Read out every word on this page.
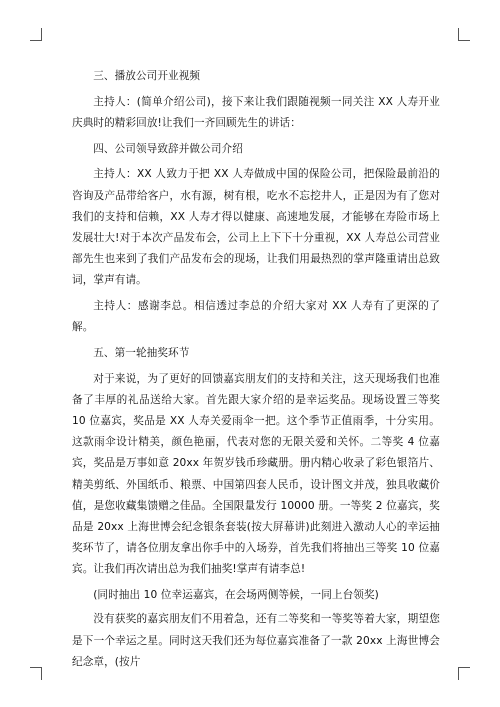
三、播放公司开业视频

主持人：(简单介绍公司)，接下来让我们跟随视频一同关注 XX 人寿开业庆典时的精彩回放!让我们一齐回顾先生的讲话：

四、公司领导致辞并做公司介绍

主持人：XX 人致力于把 XX 人寿做成中国的保险公司，把保险最前沿的咨询及产品带给客户，水有源，树有根，吃水不忘挖井人，正是因为有了您对我们的支持和信赖，XX 人寿才得以健康、高速地发展，才能够在寿险市场上发展壮大!对于本次产品发布会，公司上上下下十分重视，XX 人寿总公司营业部先生也来到了我们产品发布会的现场，让我们用最热烈的掌声隆重请出总致词，掌声有请。

主持人：感谢李总。相信透过李总的介绍大家对 XX 人寿有了更深的了解。

五、第一轮抽奖环节

对于来说，为了更好的回馈嘉宾朋友们的支持和关注，这天现场我们也准备了丰厚的礼品送给大家。首先跟大家介绍的是幸运奖品。现场设置三等奖 10 位嘉宾，奖品是 XX 人寿关爱雨伞一把。这个季节正值雨季，十分实用。这款雨伞设计精美，颜色艳丽，代表对您的无限关爱和关怀。二等奖 4 位嘉宾，奖品是万事如意 20xx 年贺岁钱币珍藏册。册内精心收录了彩色银箔片、精美剪纸、外国纸币、粮票、中国第四套人民币，设计图文并茂，独具收藏价值，是您收藏集馈赠之佳品。全国限量发行 10000 册。一等奖 2 位嘉宾，奖品是 20xx 上海世博会纪念银条套装(按大屏幕讲)此刻进入激动人心的幸运抽奖环节了，请各位朋友拿出你手中的入场券，首先我们将抽出三等奖 10 位嘉宾。让我们再次请出总为我们抽奖!掌声有请李总!

(同时抽出 10 位幸运嘉宾，在会场两侧等候，一同上台领奖)

没有获奖的嘉宾朋友们不用着急，还有二等奖和一等奖等着大家，期望您是下一个幸运之星。同时这天我们还为每位嘉宾准备了一款 20xx 上海世博会纪念章，(按片
